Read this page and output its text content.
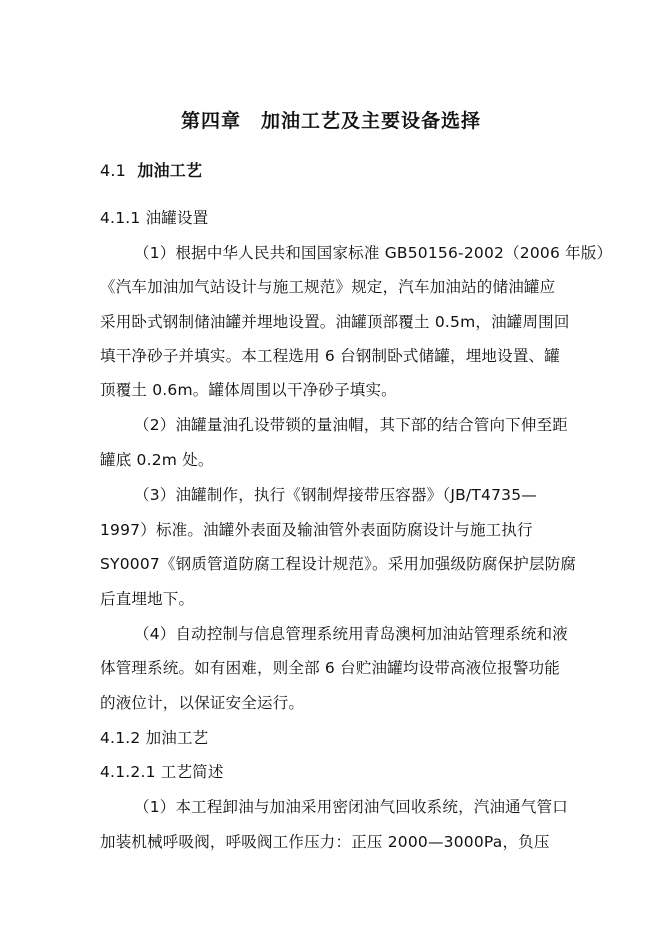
第四章　加油工艺及主要设备选择
4.1 加油工艺
4.1.1 油罐设置
（1）根据中华人民共和国国家标准 GB50156-2002（2006 年版）
《汽车加油加气站设计与施工规范》规定，汽车加油站的储油罐应
采用卧式钢制储油罐并埋地设置。油罐顶部覆土 0.5m，油罐周围回
填干净砂子并填实。本工程选用 6 台钢制卧式储罐，埋地设置、罐
顶覆土 0.6m。罐体周围以干净砂子填实。
（2）油罐量油孔设带锁的量油帽，其下部的结合管向下伸至距
罐底 0.2m 处。
（3）油罐制作，执行《钢制焊接带压容器》（JB/T4735—
1997）标准。油罐外表面及输油管外表面防腐设计与施工执行
SY0007《钢质管道防腐工程设计规范》。采用加强级防腐保护层防腐
后直埋地下。
（4）自动控制与信息管理系统用青岛澳柯加油站管理系统和液
体管理系统。如有困难，则全部 6 台贮油罐均设带高液位报警功能
的液位计，以保证安全运行。
4.1.2 加油工艺
4.1.2.1 工艺简述
（1）本工程卸油与加油采用密闭油气回收系统，汽油通气管口
加装机械呼吸阀，呼吸阀工作压力：正压 2000—3000Pa，负压
